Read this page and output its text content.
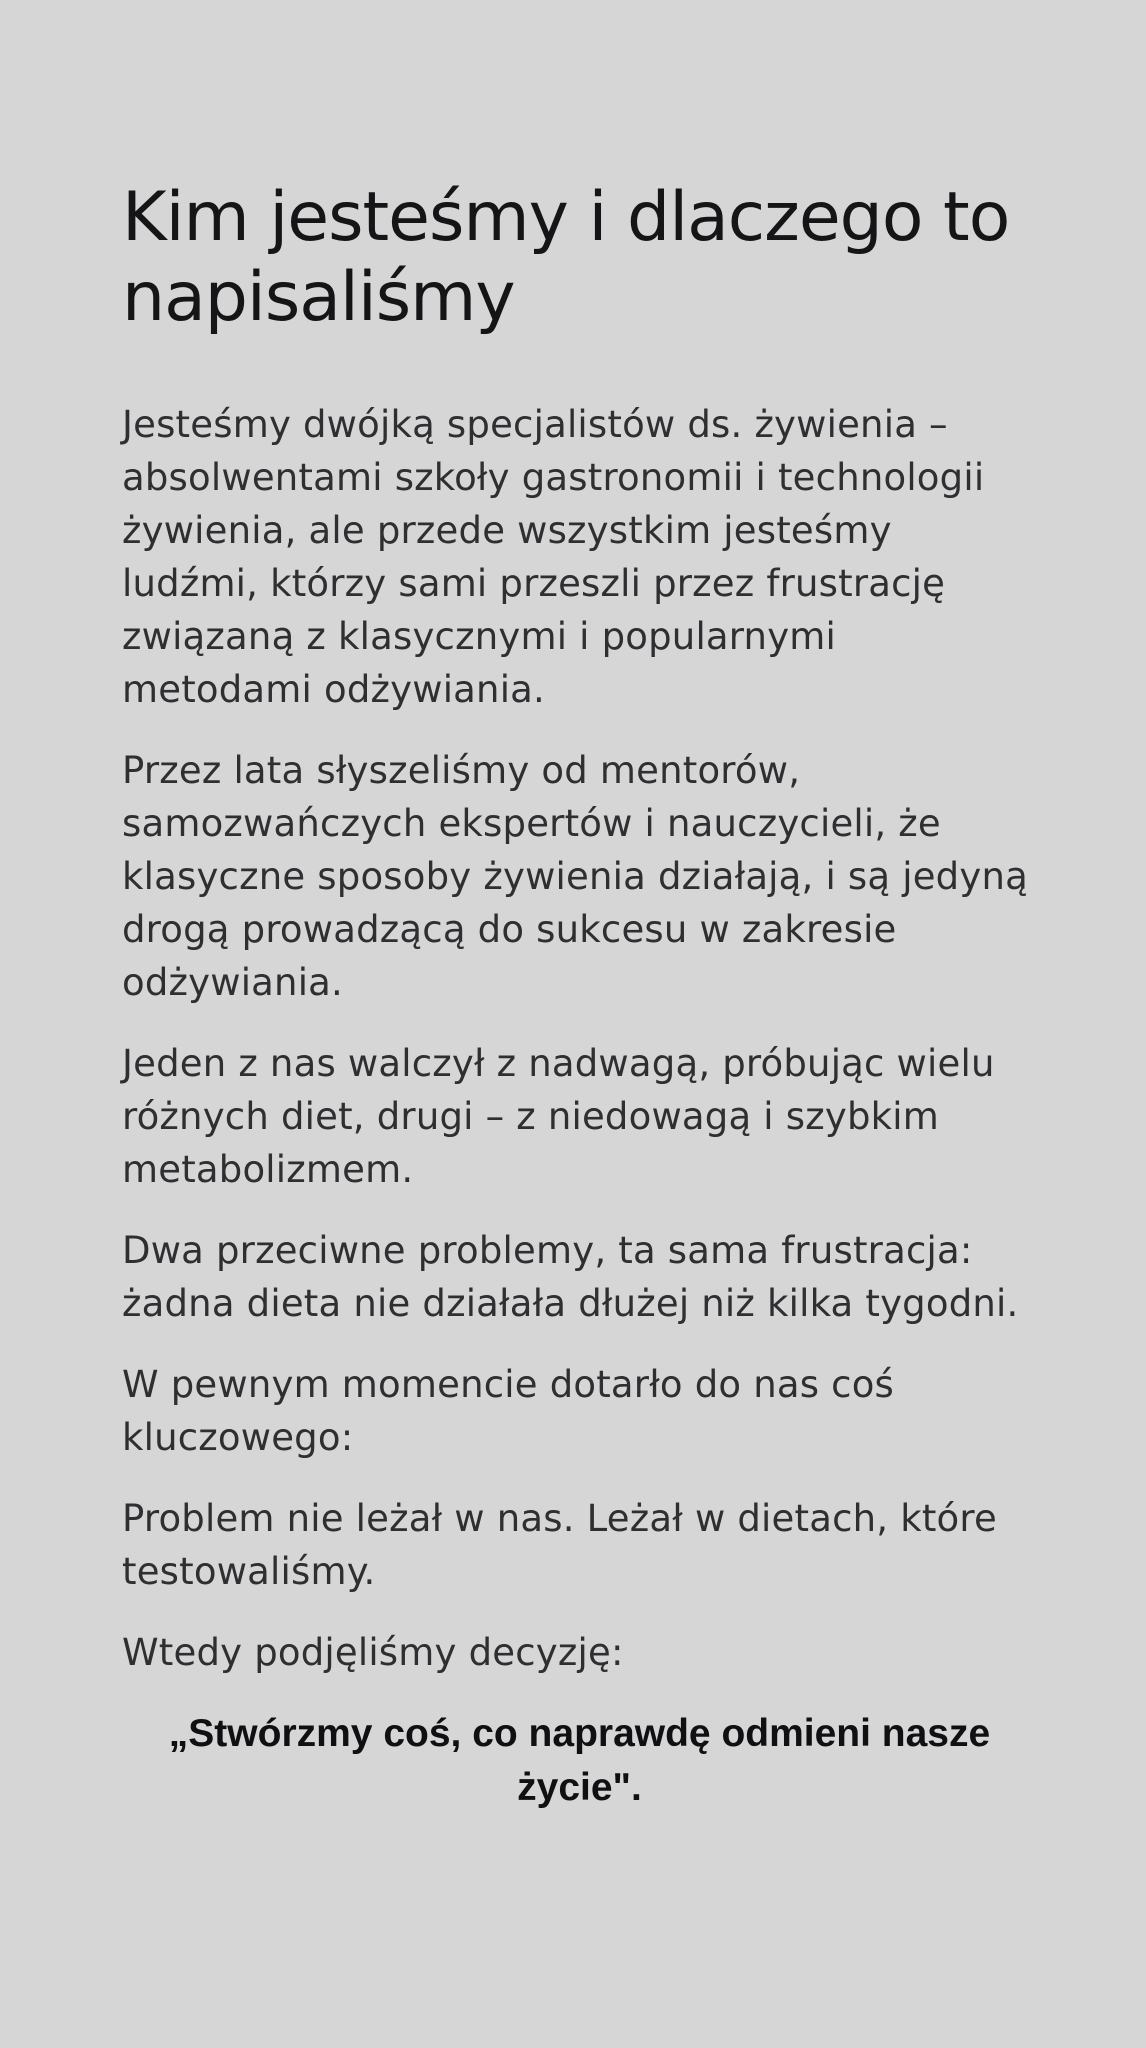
Kim jesteśmy i dlaczego to napisaliśmy

Jesteśmy dwójką specjalistów ds. żywienia – absolwentami szkoły gastronomii i technologii żywienia, ale przede wszystkim jesteśmy ludźmi, którzy sami przeszli przez frustrację związaną z klasycznymi i popularnymi metodami odżywiania.

Przez lata słyszeliśmy od mentorów, samozwańczych ekspertów i nauczycieli, że klasyczne sposoby żywienia działają, i są jedyną drogą prowadzącą do sukcesu w zakresie odżywiania.

Jeden z nas walczył z nadwagą, próbując wielu różnych diet, drugi – z niedowagą i szybkim metabolizmem.

Dwa przeciwne problemy, ta sama frustracja: żadna dieta nie działała dłużej niż kilka tygodni.

W pewnym momencie dotarło do nas coś kluczowego:

Problem nie leżał w nas. Leżał w dietach, które testowaliśmy.

Wtedy podjęliśmy decyzję:

„Stwórzmy coś, co naprawdę odmieni nasze życie".
